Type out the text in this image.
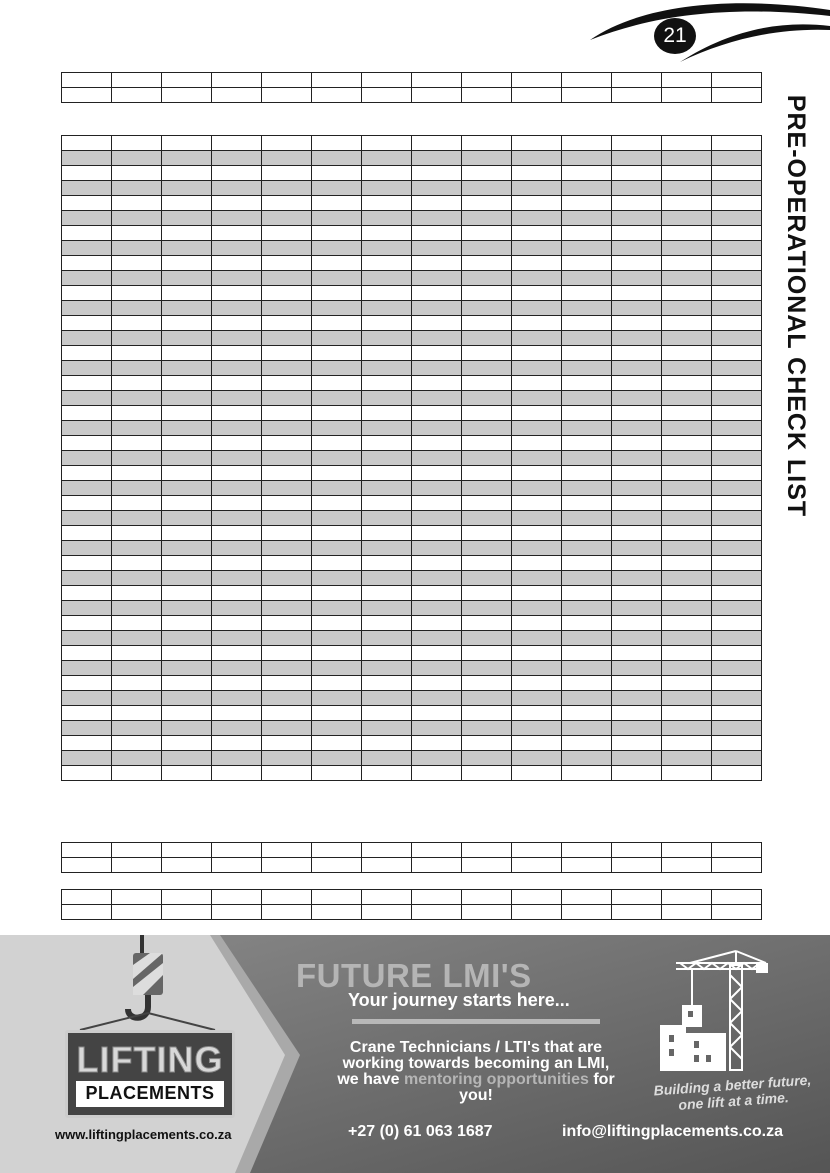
21
PRE-OPERATIONAL CHECK LIST

LIFTING
PLACEMENTS
www.liftingplacements.co.za
FUTURE LMI'S
Your journey starts here...
Crane Technicians / LTI's that are working towards becoming an LMI, we have mentoring opportunities for you!	Building a better future, one lift at a time.
+27 (0) 61 063 1687	info@liftingplacements.co.za
